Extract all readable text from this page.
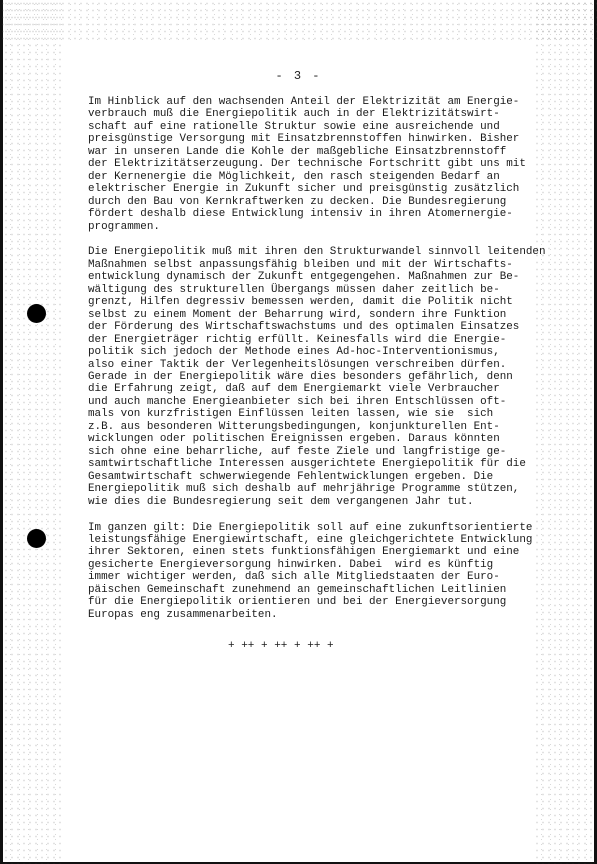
- 3 -

Im Hinblick auf den wachsenden Anteil der Elektrizität am Energie-
verbrauch muß die Energiepolitik auch in der Elektrizitätswirt-
schaft auf eine rationelle Struktur sowie eine ausreichende und
preisgünstige Versorgung mit Einsatzbrennstoffen hinwirken. Bisher
war in unseren Lande die Kohle der maßgebliche Einsatzbrennstoff
der Elektrizitätserzeugung. Der technische Fortschritt gibt uns mit
der Kernenergie die Möglichkeit, den rasch steigenden Bedarf an
elektrischer Energie in Zukunft sicher und preisgünstig zusätzlich
durch den Bau von Kernkraftwerken zu decken. Die Bundesregierung
fördert deshalb diese Entwicklung intensiv in ihren Atomernergie-
programmen.

Die Energiepolitik muß mit ihren den Strukturwandel sinnvoll leitenden
Maßnahmen selbst anpassungsfähig bleiben und mit der Wirtschafts-
entwicklung dynamisch der Zukunft entgegengehen. Maßnahmen zur Be-
wältigung des strukturellen Übergangs müssen daher zeitlich be-
grenzt, Hilfen degressiv bemessen werden, damit die Politik nicht
selbst zu einem Moment der Beharrung wird, sondern ihre Funktion
der Förderung des Wirtschaftswachstums und des optimalen Einsatzes
der Energieträger richtig erfüllt. Keinesfalls wird die Energie-
politik sich jedoch der Methode eines Ad-hoc-Interventionismus,
also einer Taktik der Verlegenheitslösungen verschreiben dürfen.
Gerade in der Energiepolitik wäre dies besonders gefährlich, denn
die Erfahrung zeigt, daß auf dem Energiemarkt viele Verbraucher
und auch manche Energieanbieter sich bei ihren Entschlüssen oft-
mals von kurzfristigen Einflüssen leiten lassen, wie sie  sich
z.B. aus besonderen Witterungsbedingungen, konjunkturellen Ent-
wicklungen oder politischen Ereignissen ergeben. Daraus könnten
sich ohne eine beharrliche, auf feste Ziele und langfristige ge-
samtwirtschaftliche Interessen ausgerichtete Energiepolitik für die
Gesamtwirtschaft schwerwiegende Fehlentwicklungen ergeben. Die
Energiepolitik muß sich deshalb auf mehrjährige Programme stützen,
wie dies die Bundesregierung seit dem vergangenen Jahr tut.

Im ganzen gilt: Die Energiepolitik soll auf eine zukunftsorientierte
leistungsfähige Energiewirtschaft, eine gleichgerichtete Entwicklung
ihrer Sektoren, einen stets funktionsfähigen Energiemarkt und eine
gesicherte Energieversorgung hinwirken. Dabei  wird es künftig
immer wichtiger werden, daß sich alle Mitgliedstaaten der Euro-
päischen Gemeinschaft zunehmend an gemeinschaftlichen Leitlinien
für die Energiepolitik orientieren und bei der Energieversorgung
Europas eng zusammenarbeiten.

+ ++ + ++ + ++ +
